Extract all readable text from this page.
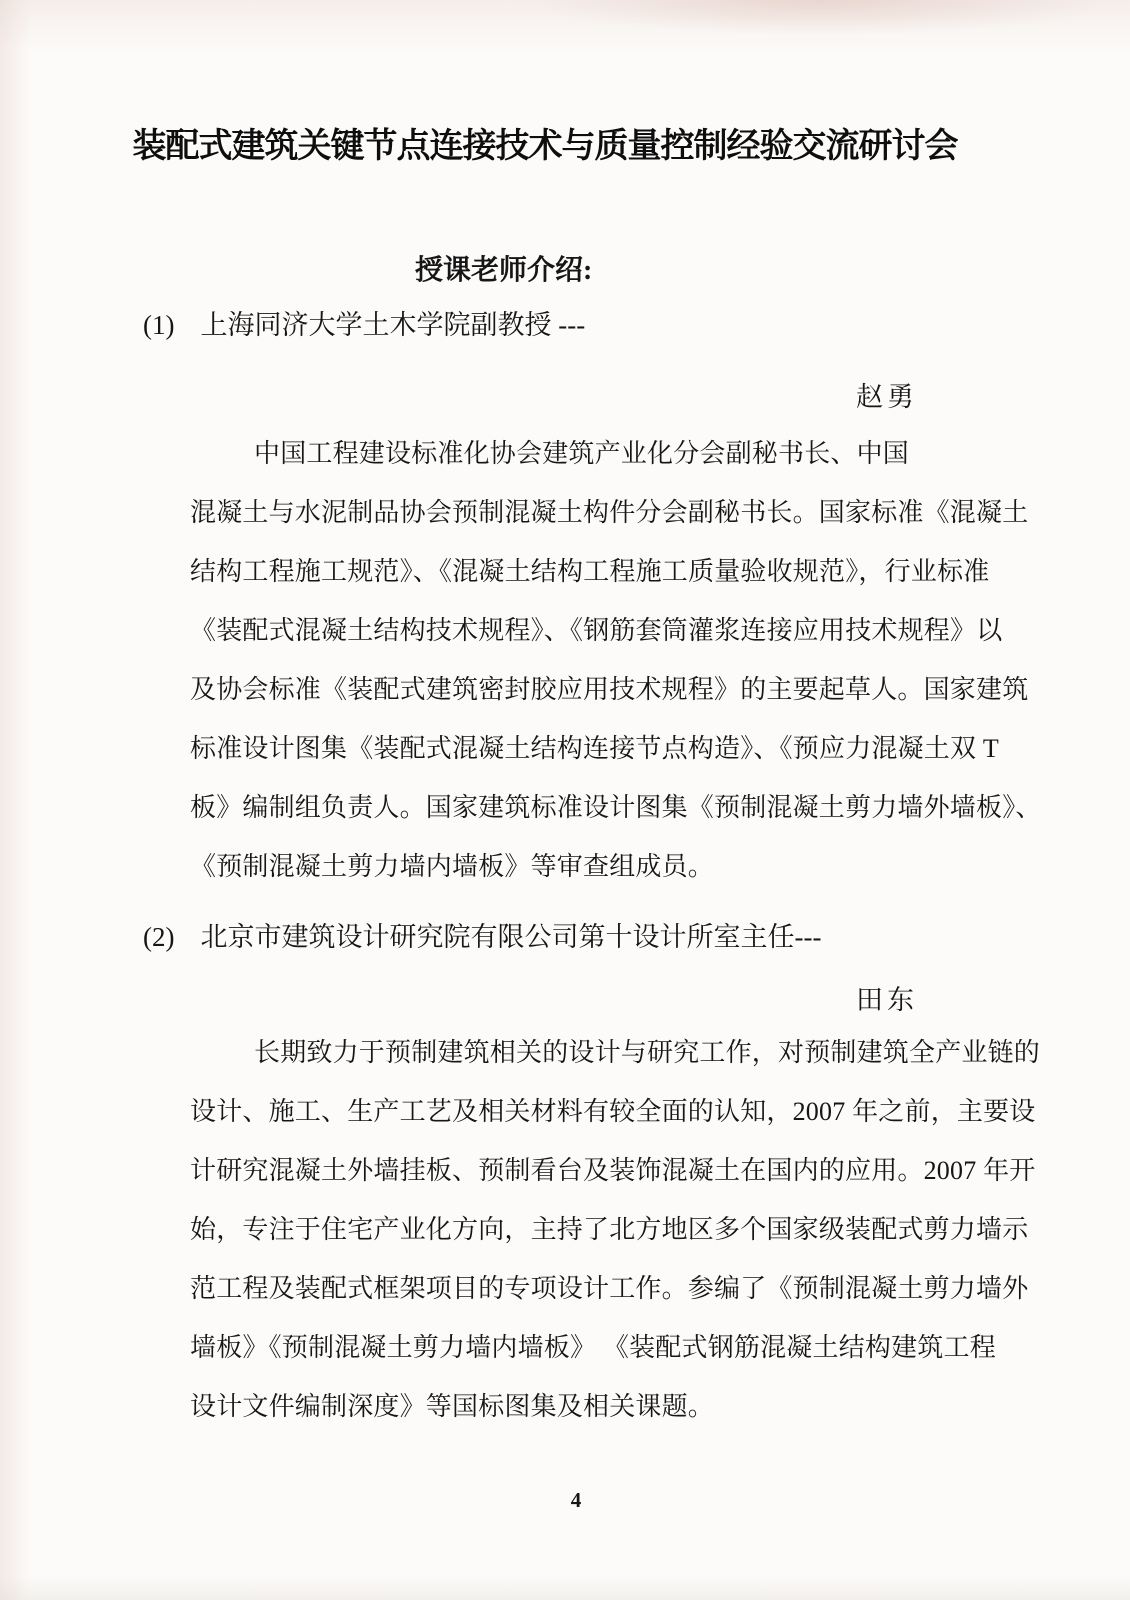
装配式建筑关键节点连接技术与质量控制经验交流研讨会
授课老师介绍:
(1) 上海同济大学土木学院副教授 ---
赵勇
中国工程建设标准化协会建筑产业化分会副秘书长、中国
混凝土与水泥制品协会预制混凝土构件分会副秘书长。国家标准《混凝土
结构工程施工规范》、《混凝土结构工程施工质量验收规范》，行业标准
《装配式混凝土结构技术规程》、《钢筋套筒灌浆连接应用技术规程》以
及协会标准《装配式建筑密封胶应用技术规程》的主要起草人。国家建筑
标准设计图集《装配式混凝土结构连接节点构造》、《预应力混凝土双 T
板》编制组负责人。国家建筑标准设计图集《预制混凝土剪力墙外墙板》、
《预制混凝土剪力墙内墙板》等审查组成员。
(2) 北京市建筑设计研究院有限公司第十设计所室主任---
田东
长期致力于预制建筑相关的设计与研究工作，对预制建筑全产业链的
设计、施工、生产工艺及相关材料有较全面的认知，2007 年之前，主要设
计研究混凝土外墙挂板、预制看台及装饰混凝土在国内的应用。2007 年开
始，专注于住宅产业化方向，主持了北方地区多个国家级装配式剪力墙示
范工程及装配式框架项目的专项设计工作。参编了《预制混凝土剪力墙外
墙板》《预制混凝土剪力墙内墙板》 《装配式钢筋混凝土结构建筑工程
设计文件编制深度》等国标图集及相关课题。
4
